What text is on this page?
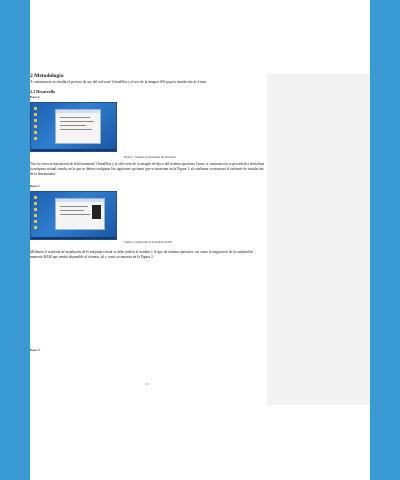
2 Metodología
A continuación se detalla el proceso de uso del software VirtualBox y el uso de la imagen ISO para la instalación de Linux.
2.1 Desarrollo
Paso 1:
Figura 1: Ventana de bienvenida del instalador
Tras la correcta instalación de la herramienta VirtualBox y la selección de la imagen de disco del sistema operativo Linux, a continuación se procederá a inicializar la máquina virtual creada, en la que se deben configurar las siguientes opciones que se muestran en la Figura 1, al confirmar se mostrará el asistente de instalación de la herramienta.
Paso 2:
Figura 2: Asignación de la memoria RAM
Mediante el asistente de instalación de la máquina virtual se debe indicar el nombre y el tipo de sistema operativo, así como la asignación de la cantidad de memoria RAM que tendrá disponible el sistema, tal y como se muestra en la Figura 2.
Paso 3:
10
